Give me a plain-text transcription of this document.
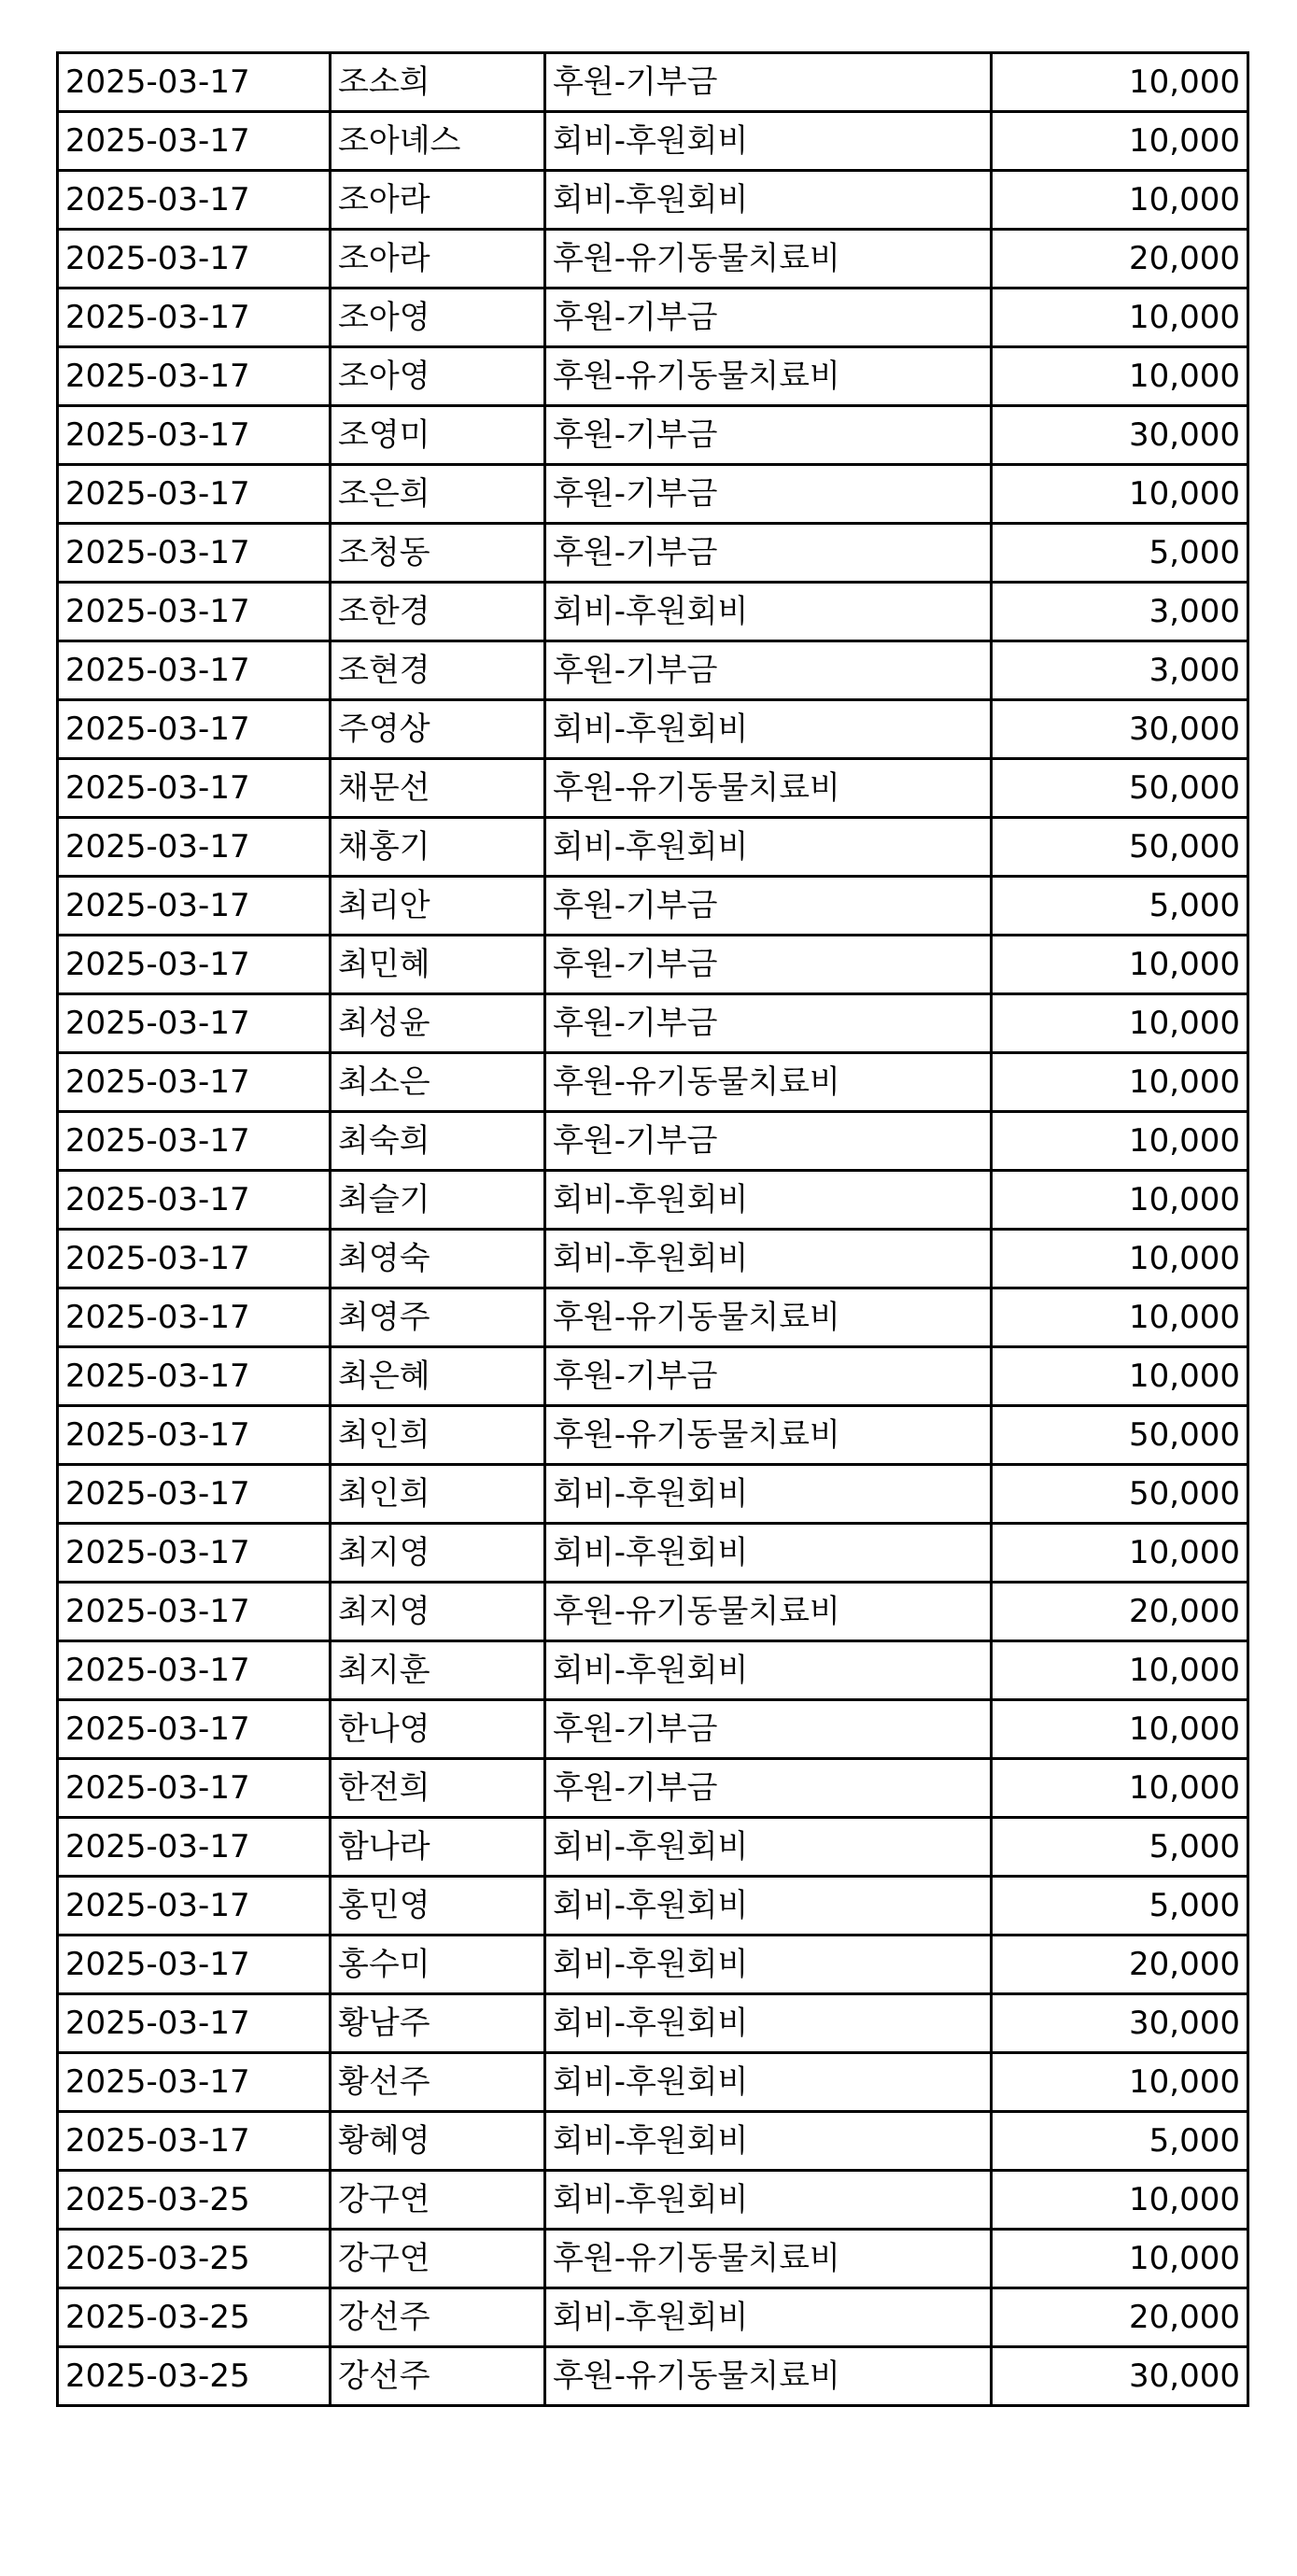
2025-03-17	조소희	후원-기부금	10,000
2025-03-17	조아녜스	회비-후원회비	10,000
2025-03-17	조아라	회비-후원회비	10,000
2025-03-17	조아라	후원-유기동물치료비	20,000
2025-03-17	조아영	후원-기부금	10,000
2025-03-17	조아영	후원-유기동물치료비	10,000
2025-03-17	조영미	후원-기부금	30,000
2025-03-17	조은희	후원-기부금	10,000
2025-03-17	조청동	후원-기부금	5,000
2025-03-17	조한경	회비-후원회비	3,000
2025-03-17	조현경	후원-기부금	3,000
2025-03-17	주영상	회비-후원회비	30,000
2025-03-17	채문선	후원-유기동물치료비	50,000
2025-03-17	채홍기	회비-후원회비	50,000
2025-03-17	최리안	후원-기부금	5,000
2025-03-17	최민혜	후원-기부금	10,000
2025-03-17	최성윤	후원-기부금	10,000
2025-03-17	최소은	후원-유기동물치료비	10,000
2025-03-17	최숙희	후원-기부금	10,000
2025-03-17	최슬기	회비-후원회비	10,000
2025-03-17	최영숙	회비-후원회비	10,000
2025-03-17	최영주	후원-유기동물치료비	10,000
2025-03-17	최은혜	후원-기부금	10,000
2025-03-17	최인희	후원-유기동물치료비	50,000
2025-03-17	최인희	회비-후원회비	50,000
2025-03-17	최지영	회비-후원회비	10,000
2025-03-17	최지영	후원-유기동물치료비	20,000
2025-03-17	최지훈	회비-후원회비	10,000
2025-03-17	한나영	후원-기부금	10,000
2025-03-17	한전희	후원-기부금	10,000
2025-03-17	함나라	회비-후원회비	5,000
2025-03-17	홍민영	회비-후원회비	5,000
2025-03-17	홍수미	회비-후원회비	20,000
2025-03-17	황남주	회비-후원회비	30,000
2025-03-17	황선주	회비-후원회비	10,000
2025-03-17	황혜영	회비-후원회비	5,000
2025-03-25	강구연	회비-후원회비	10,000
2025-03-25	강구연	후원-유기동물치료비	10,000
2025-03-25	강선주	회비-후원회비	20,000
2025-03-25	강선주	후원-유기동물치료비	30,000
